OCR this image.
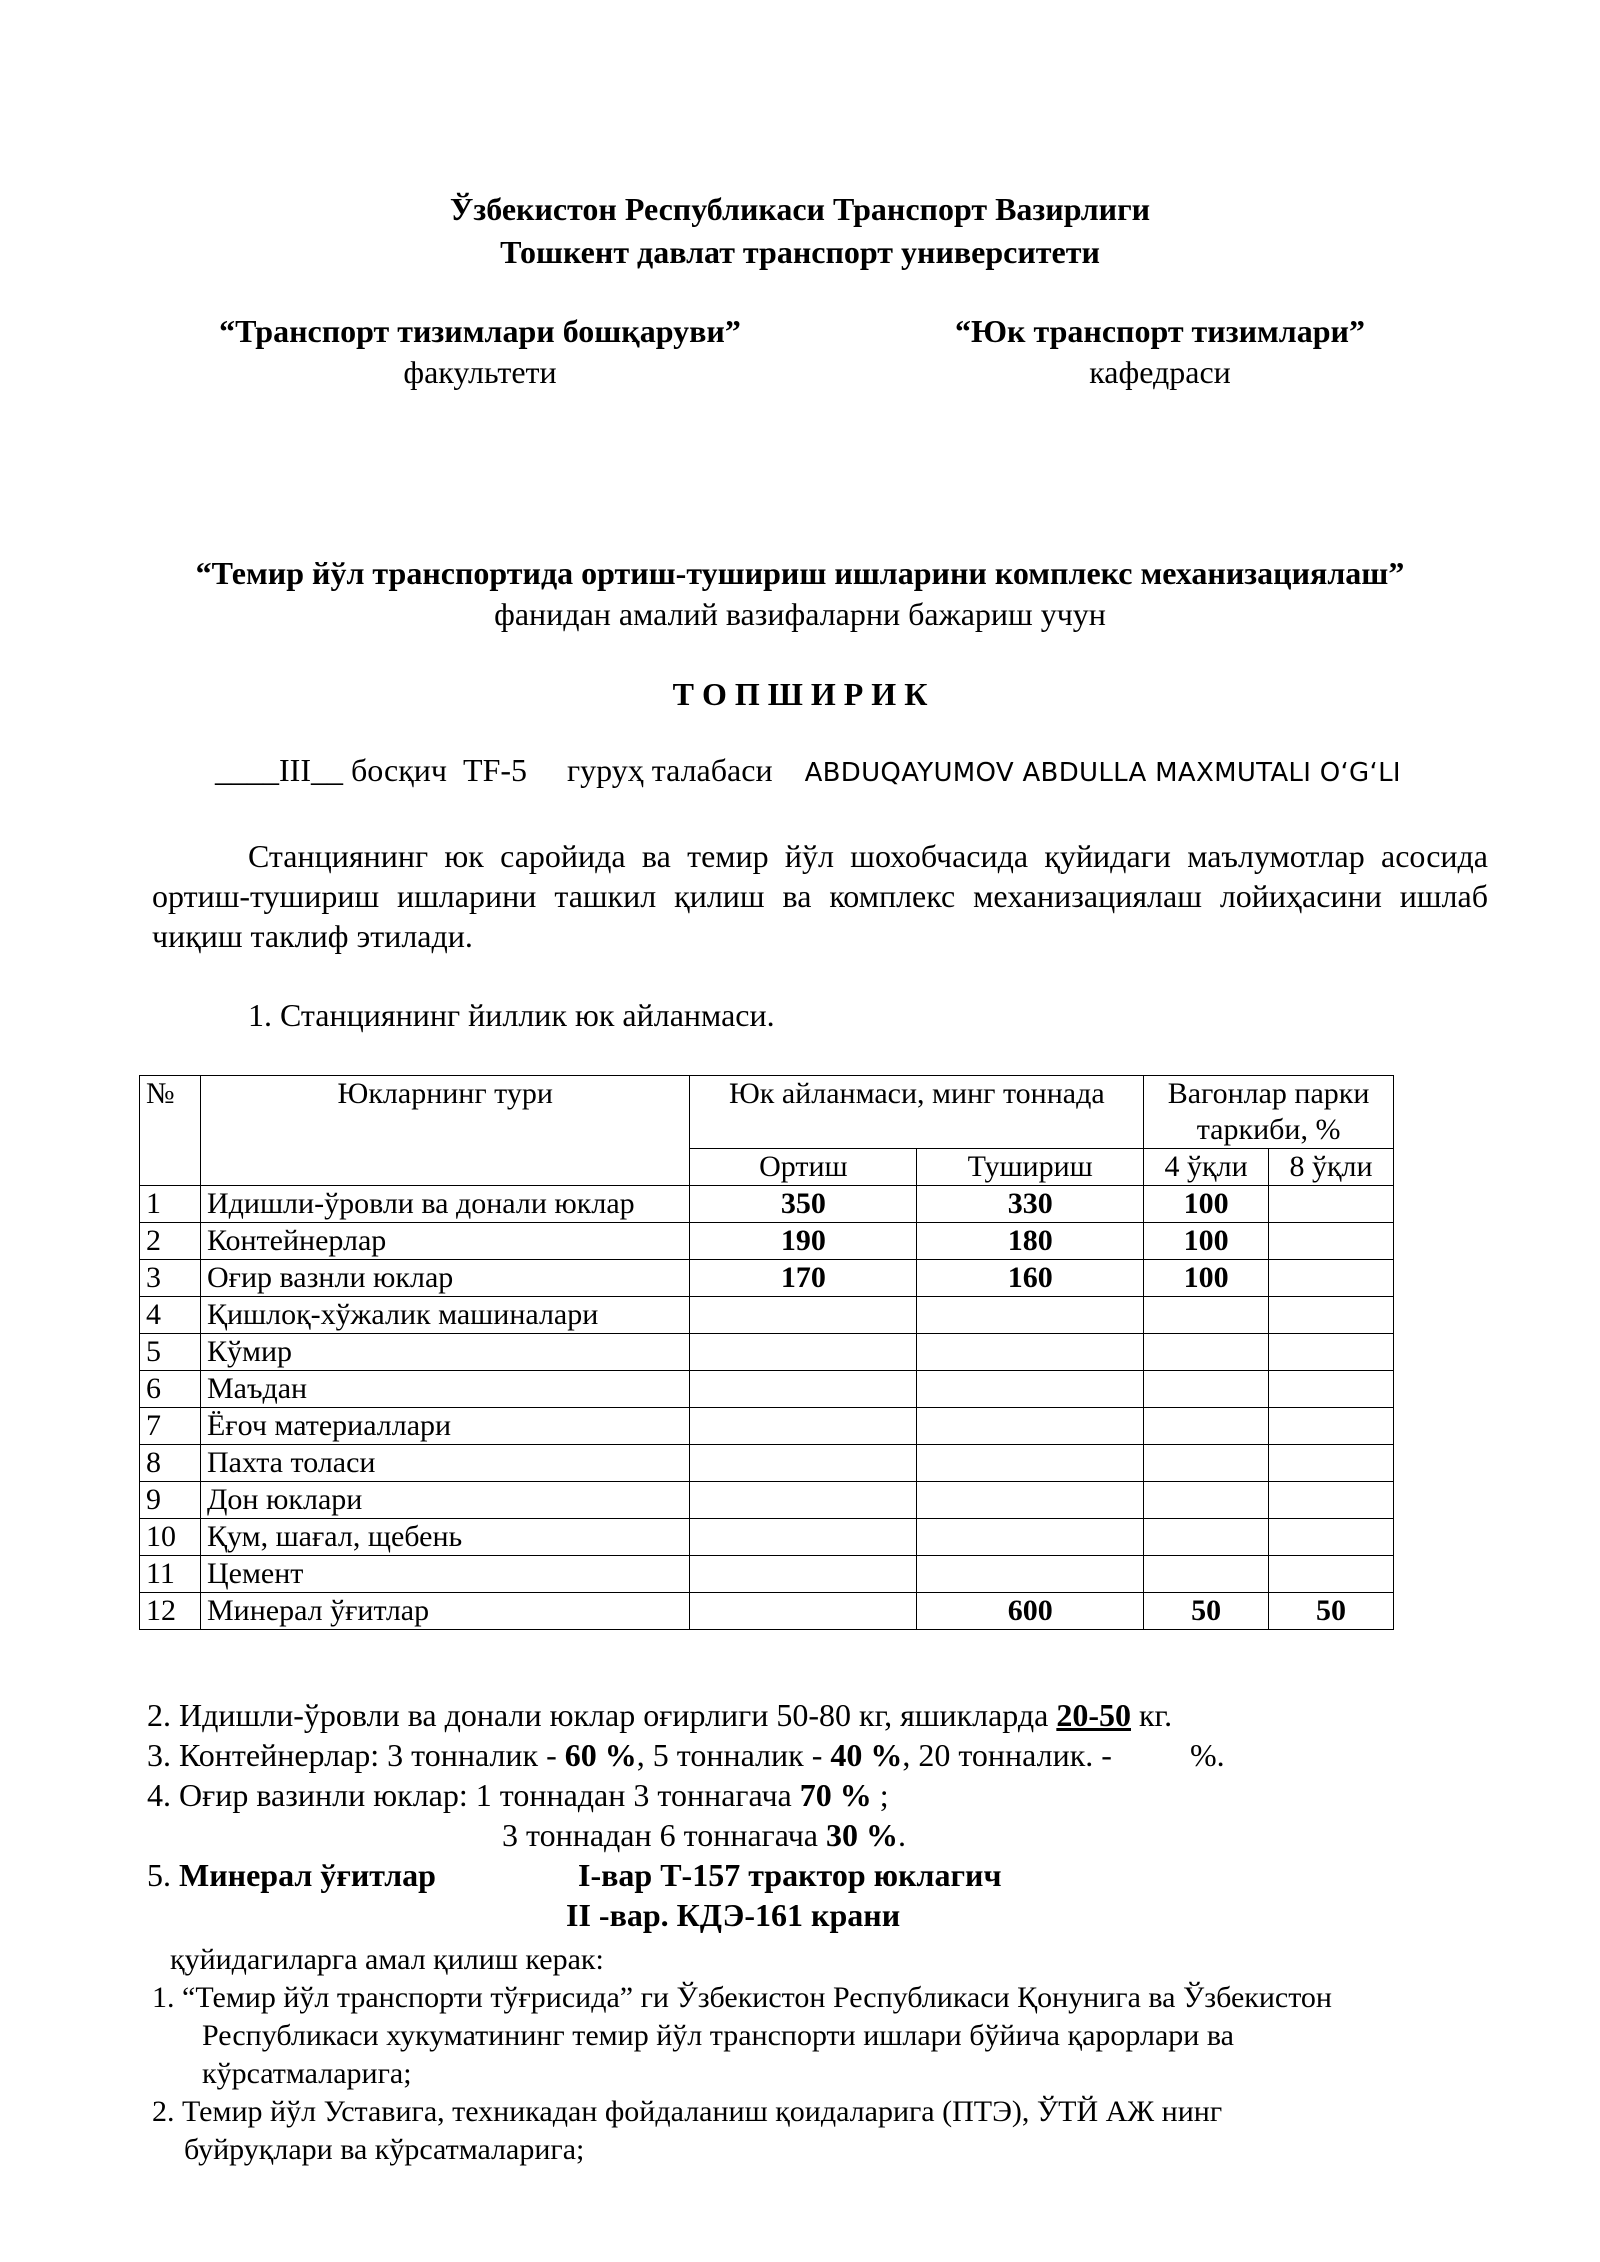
Ўзбекистон Республикаси Транспорт Вазирлиги
Тошкент давлат транспорт университети
“Транспорт тизимлари бошқаруви”
факультети
“Юк транспорт тизимлари”
кафедраси
“Темир йўл транспортида ортиш-тушириш ишларини комплекс механизациялаш”
фанидан амалий вазифаларни бажариш учун
Т О П Ш И Р И К
____III__ босқич TF-5 гуруҳ талабаси ABDUQAYUMOV ABDULLA MAXMUTALI O‘G‘LI
Станциянинг юк саройида ва темир йўл шохобчасида қуйидаги маълумотлар асосида ортиш-тушириш ишларини ташкил қилиш ва комплекс механизациялаш лойиҳасини ишлаб чиқиш таклиф этилади.
1. Станциянинг йиллик юк айланмаси.
№	Юкларнинг тури	Юк айланмаси, минг тоннада		Вагонлар парки таркиби, %	
		Ортиш	Тушириш	4 ўқли	8 ўқли
1	Идишли-ўровли ва донали юклар	350	330	100	
2	Контейнерлар	190	180	100	
3	Оғир вазнли юклар	170	160	100	
4	Қишлоқ-хўжалик машиналари				
5	Кўмир				
6	Маъдан				
7	Ёғоч материаллари				
8	Пахта толаси				
9	Дон юклари				
10	Қум, шағал, щебень				
11	Цемент				
12	Минерал ўғитлар		600	50	50
2. Идишли-ўровли ва донали юклар оғирлиги 50-80 кг, яшикларда 20-50 кг.
3. Контейнерлар: 3 тонналик - 60 %, 5 тонналик - 40 %, 20 тонналик. - %.
4. Оғир вазинли юклар: 1 тоннадан 3 тоннагача 70 % ;
3 тоннадан 6 тоннагача 30 %.
5. Минерал ўғитлар	I-вар Т-157 трактор юклагич
II -вар. КДЭ-161 крани
қуйидагиларга амал қилиш керак:
1. “Темир йўл транспорти тўғрисида” ги Ўзбекистон Республикаси Қонунига ва Ўзбекистон
Республикаси хукуматининг темир йўл транспорти ишлари бўйича қарорлари ва
кўрсатмаларига;
2. Темир йўл Уставига, техникадан фойдаланиш қоидаларига (ПТЭ), ЎТЙ АЖ нинг
буйруқлари ва кўрсатмаларига;
